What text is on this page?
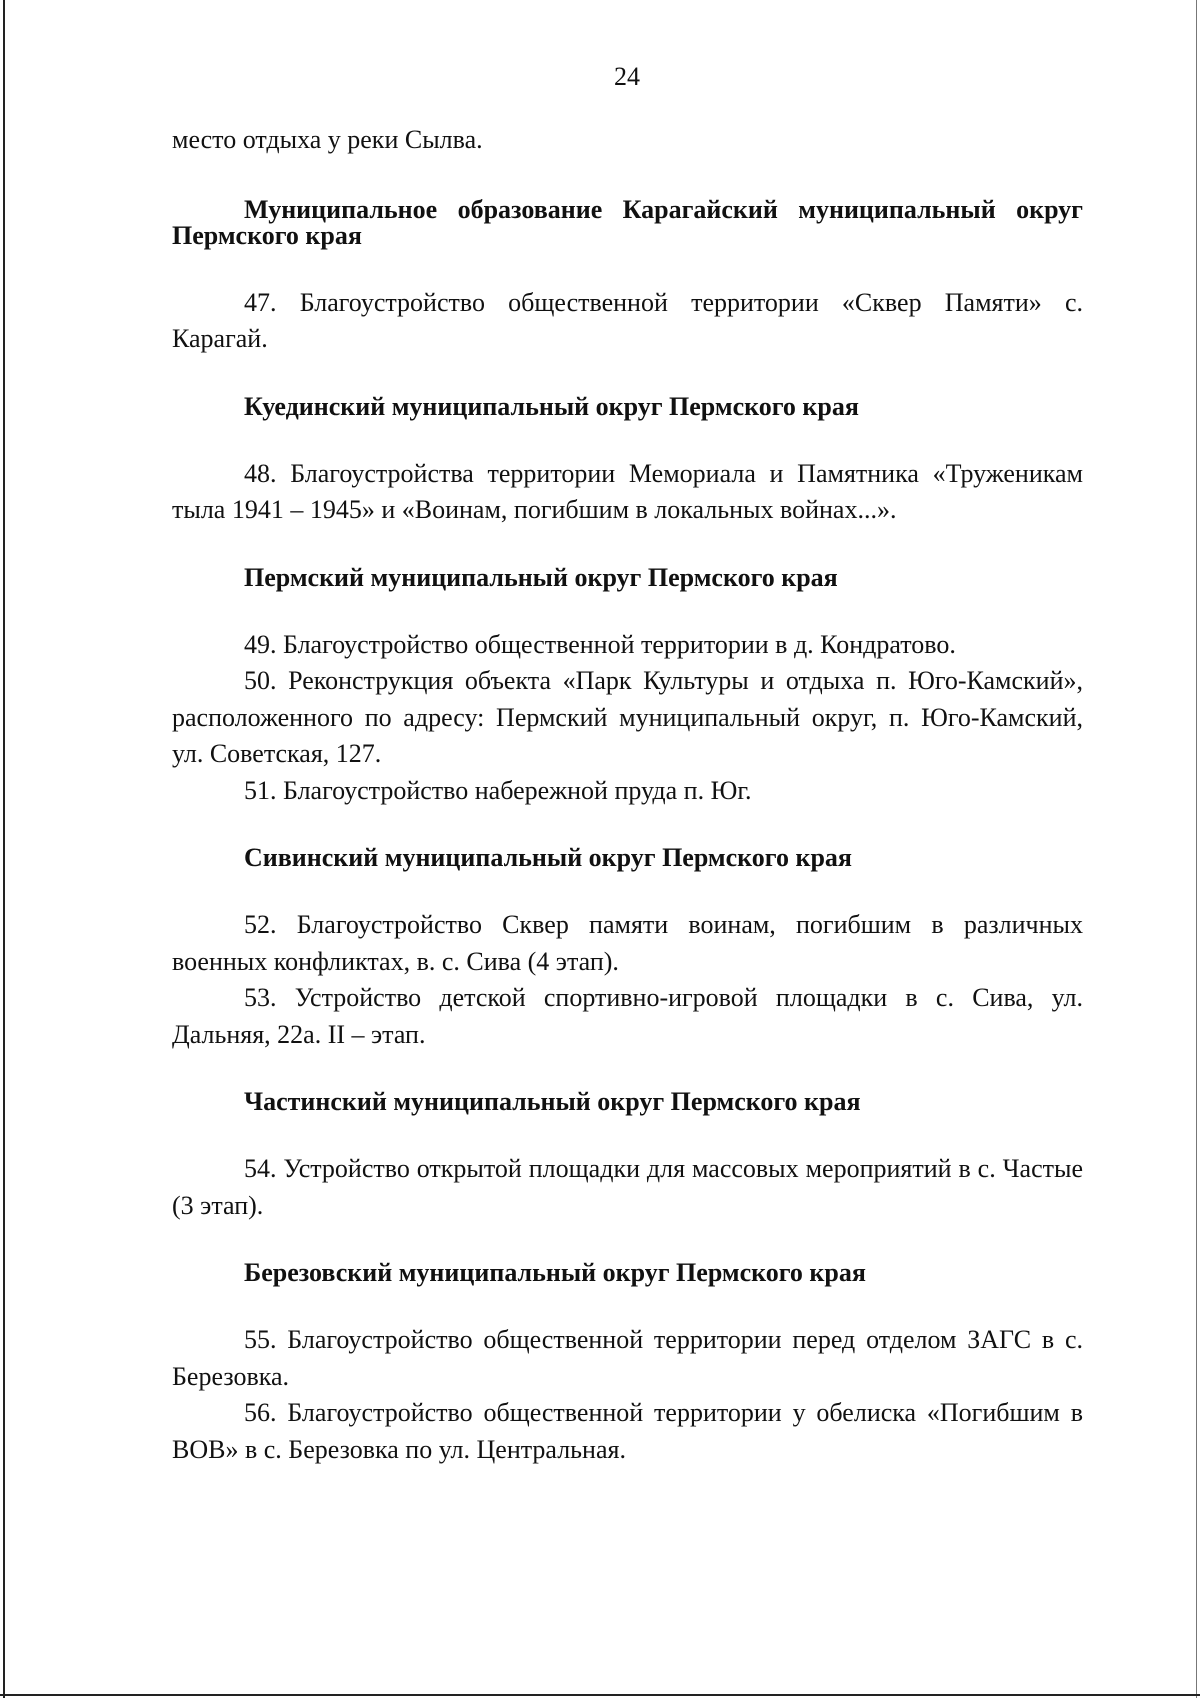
24

место отдыха у реки Сылва.

Муниципальное образование Карагайский муниципальный округ Пермского края

47. Благоустройство общественной территории «Сквер Памяти» с. Карагай.

Куединский муниципальный округ Пермского края

48. Благоустройства территории Мемориала и Памятника «Труженикам тыла 1941 – 1945» и «Воинам, погибшим в локальных войнах...».

Пермский муниципальный округ Пермского края

49. Благоустройство общественной территории в д. Кондратово.

50. Реконструкция объекта «Парк Культуры и отдыха п. Юго-Камский», расположенного по адресу: Пермский муниципальный округ, п. Юго-Камский, ул. Советская, 127.

51. Благоустройство набережной пруда п. Юг.

Сивинский муниципальный округ Пермского края

52. Благоустройство Сквер памяти воинам, погибшим в различных военных конфликтах, в. с. Сива (4 этап).

53. Устройство детской спортивно-игровой площадки в с. Сива, ул. Дальняя, 22а. II – этап.

Частинский муниципальный округ Пермского края

54. Устройство открытой площадки для массовых мероприятий в с. Частые (3 этап).

Березовский муниципальный округ Пермского края

55. Благоустройство общественной территории перед отделом ЗАГС в с. Березовка.

56. Благоустройство общественной территории у обелиска «Погибшим в ВОВ» в с. Березовка по ул. Центральная.
